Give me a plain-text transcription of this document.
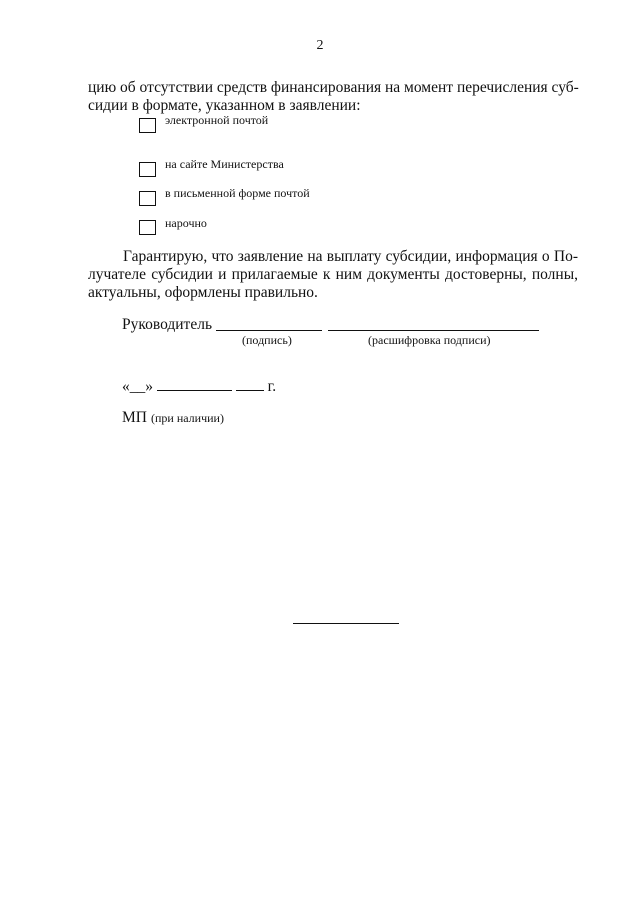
2
цию об отсутствии средств финансирования на момент перечисления суб-
сидии в формате, указанном в заявлении:
электронной почтой
на сайте Министерства
в письменной форме почтой
нарочно
Гарантирую, что заявление на выплату субсидии, информация о По-
лучателе субсидии и прилагаемые к ним документы достоверны, полны,
актуальны, оформлены правильно.
Руководитель
(подпись)	(расшифровка подписи)
«__»	г.
МП (при наличии)
